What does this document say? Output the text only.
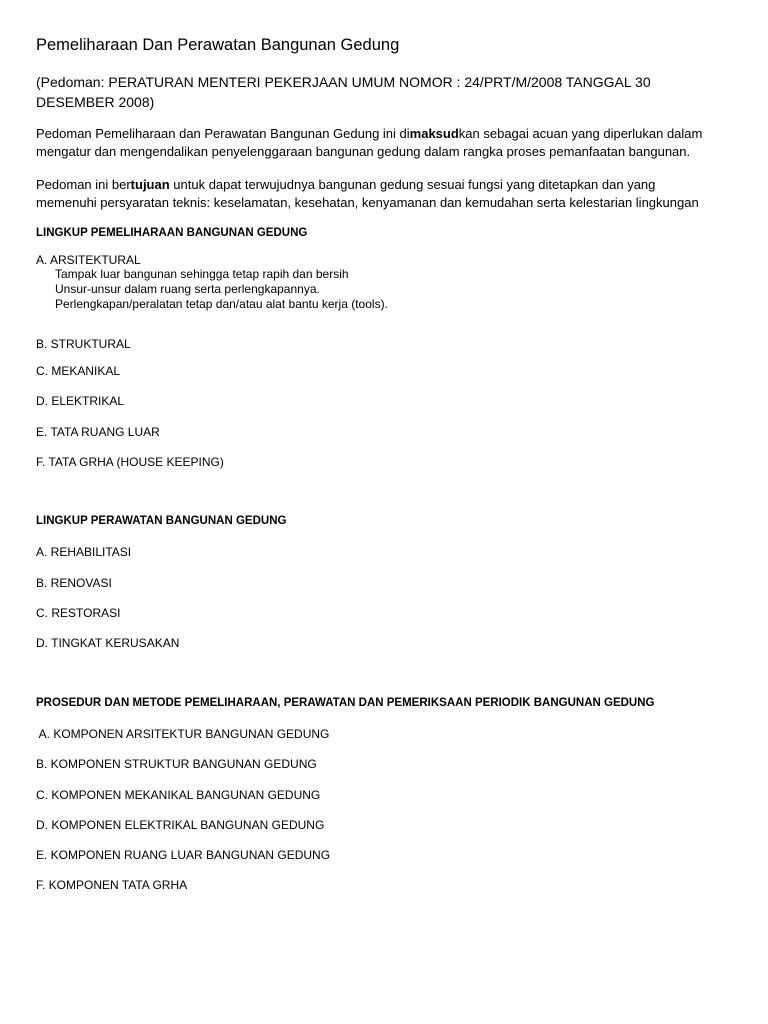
Pemeliharaan Dan Perawatan Bangunan Gedung
(Pedoman: PERATURAN MENTERI PEKERJAAN UMUM NOMOR : 24/PRT/M/2008 TANGGAL 30
DESEMBER 2008)
Pedoman Pemeliharaan dan Perawatan Bangunan Gedung ini dimaksudkan sebagai acuan yang diperlukan dalam
mengatur dan mengendalikan penyelenggaraan bangunan gedung dalam rangka proses pemanfaatan bangunan.
Pedoman ini bertujuan untuk dapat terwujudnya bangunan gedung sesuai fungsi yang ditetapkan dan yang
memenuhi persyaratan teknis: keselamatan, kesehatan, kenyamanan dan kemudahan serta kelestarian lingkungan
LINGKUP PEMELIHARAAN BANGUNAN GEDUNG
A. ARSITEKTURAL
Tampak luar bangunan sehingga tetap rapih dan bersih
Unsur-unsur dalam ruang serta perlengkapannya.
Perlengkapan/peralatan tetap dan/atau alat bantu kerja (tools).
B. STRUKTURAL
C. MEKANIKAL
D. ELEKTRIKAL
E. TATA RUANG LUAR
F. TATA GRHA (HOUSE KEEPING)
LINGKUP PERAWATAN BANGUNAN GEDUNG
A. REHABILITASI
B. RENOVASI
C. RESTORASI
D. TINGKAT KERUSAKAN
PROSEDUR DAN METODE PEMELIHARAAN, PERAWATAN DAN PEMERIKSAAN PERIODIK BANGUNAN GEDUNG
A. KOMPONEN ARSITEKTUR BANGUNAN GEDUNG
B. KOMPONEN STRUKTUR BANGUNAN GEDUNG
C. KOMPONEN MEKANIKAL BANGUNAN GEDUNG
D. KOMPONEN ELEKTRIKAL BANGUNAN GEDUNG
E. KOMPONEN RUANG LUAR BANGUNAN GEDUNG
F. KOMPONEN TATA GRHA
